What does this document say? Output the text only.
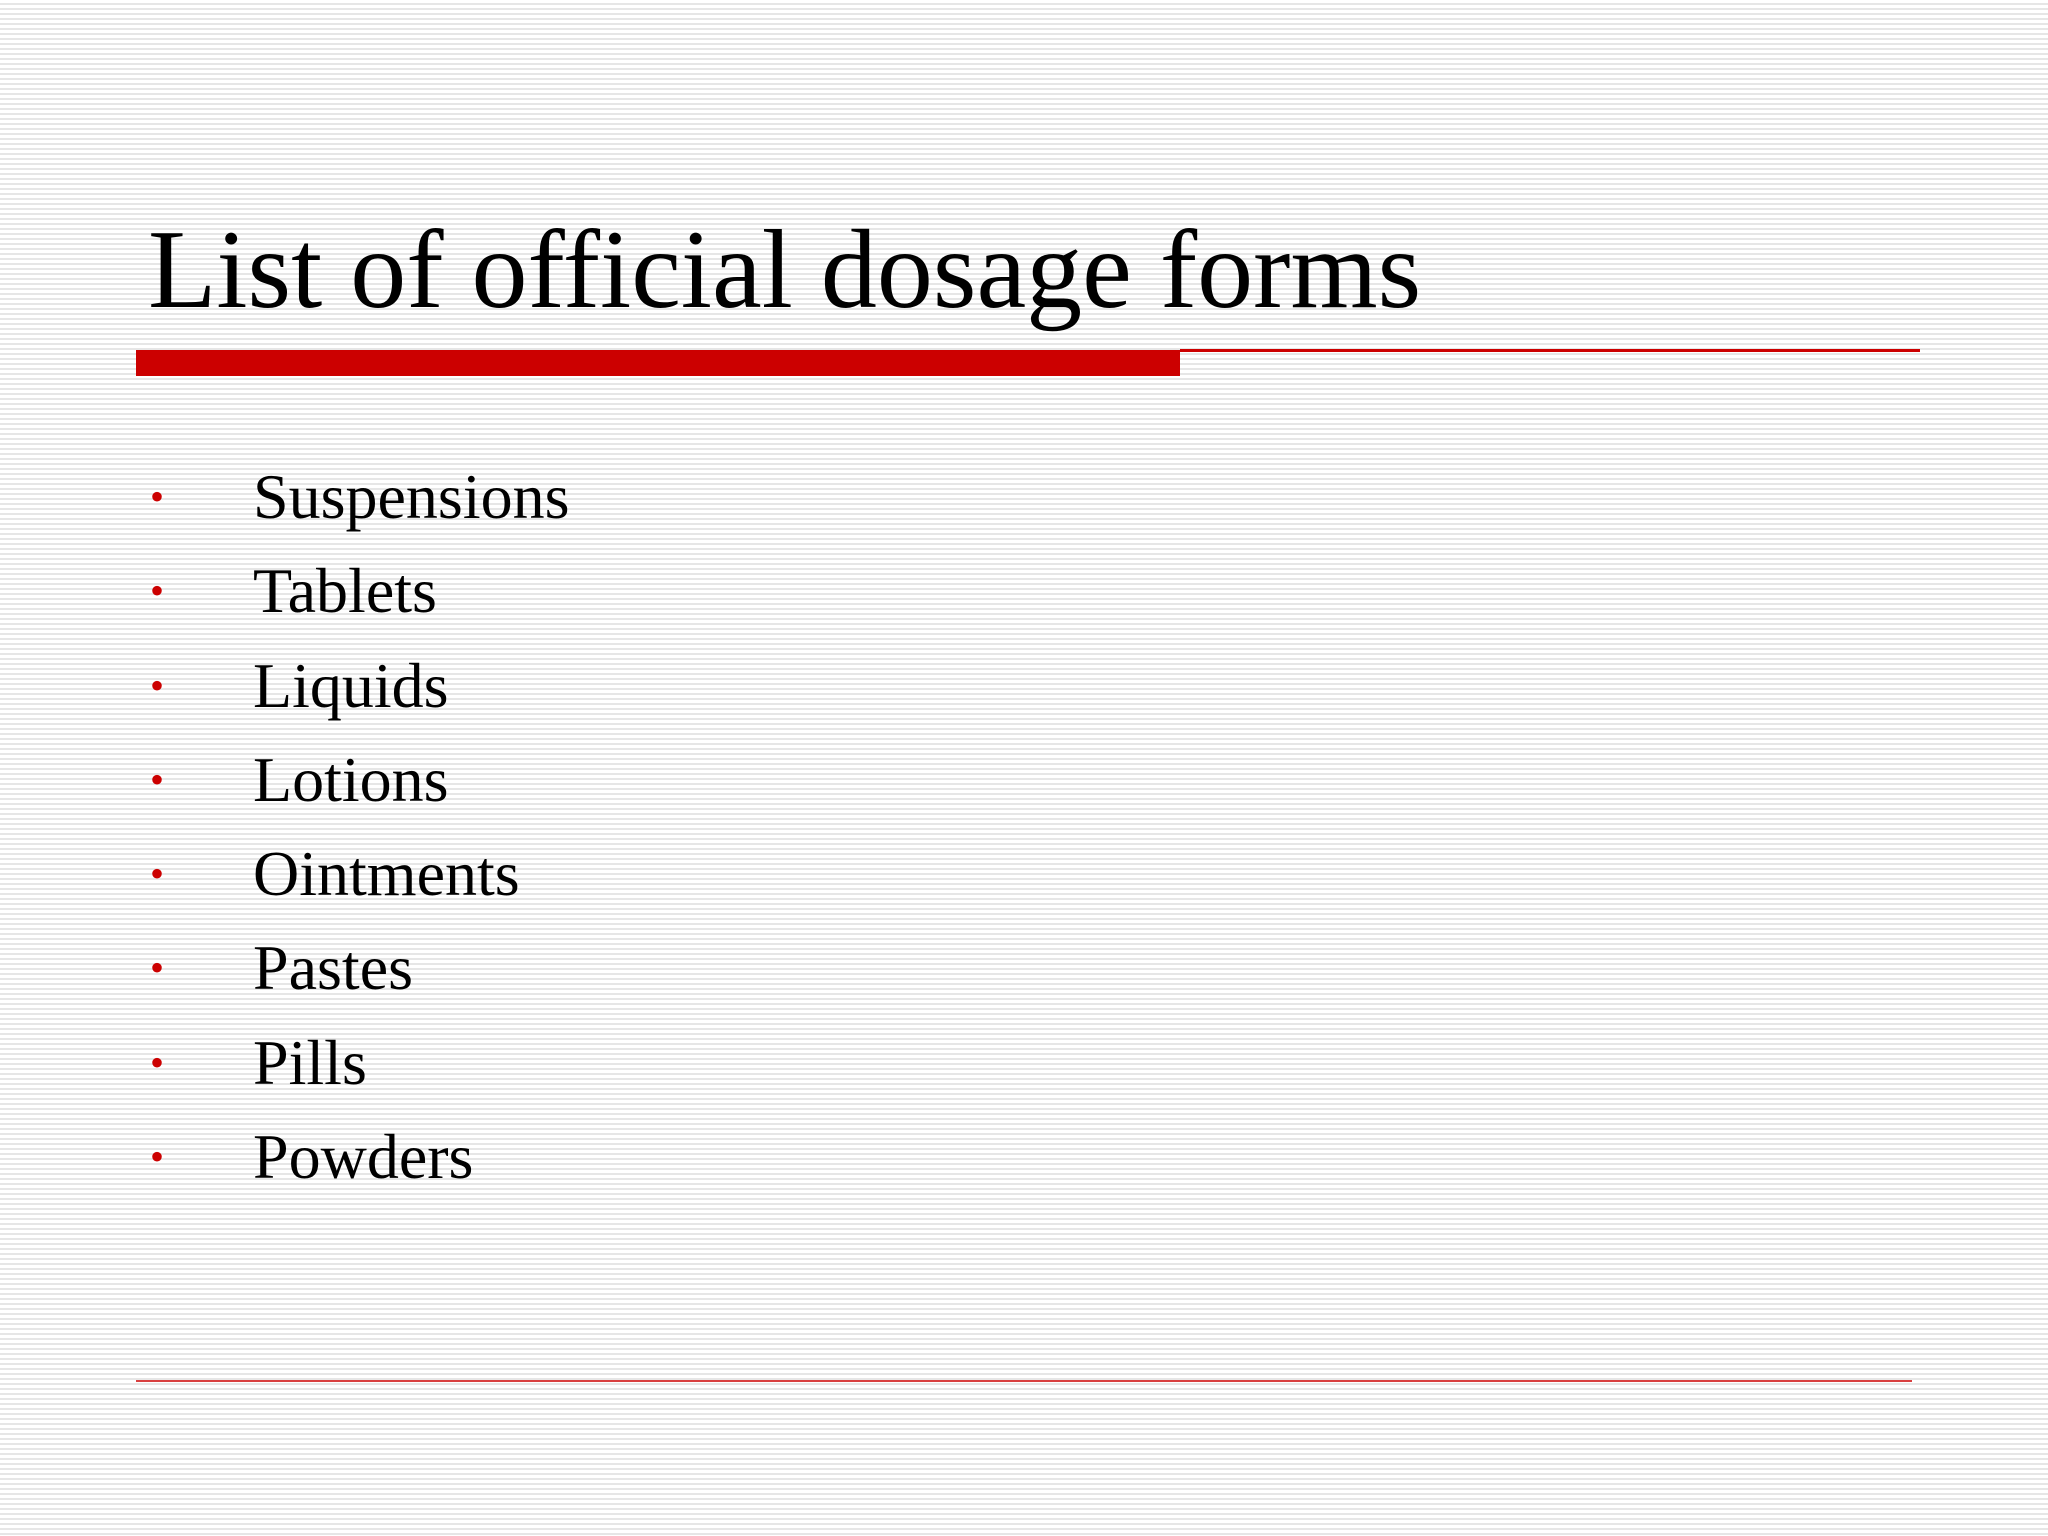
List of official dosage forms
• Suspensions
• Tablets
• Liquids
• Lotions
• Ointments
• Pastes
• Pills
• Powders
